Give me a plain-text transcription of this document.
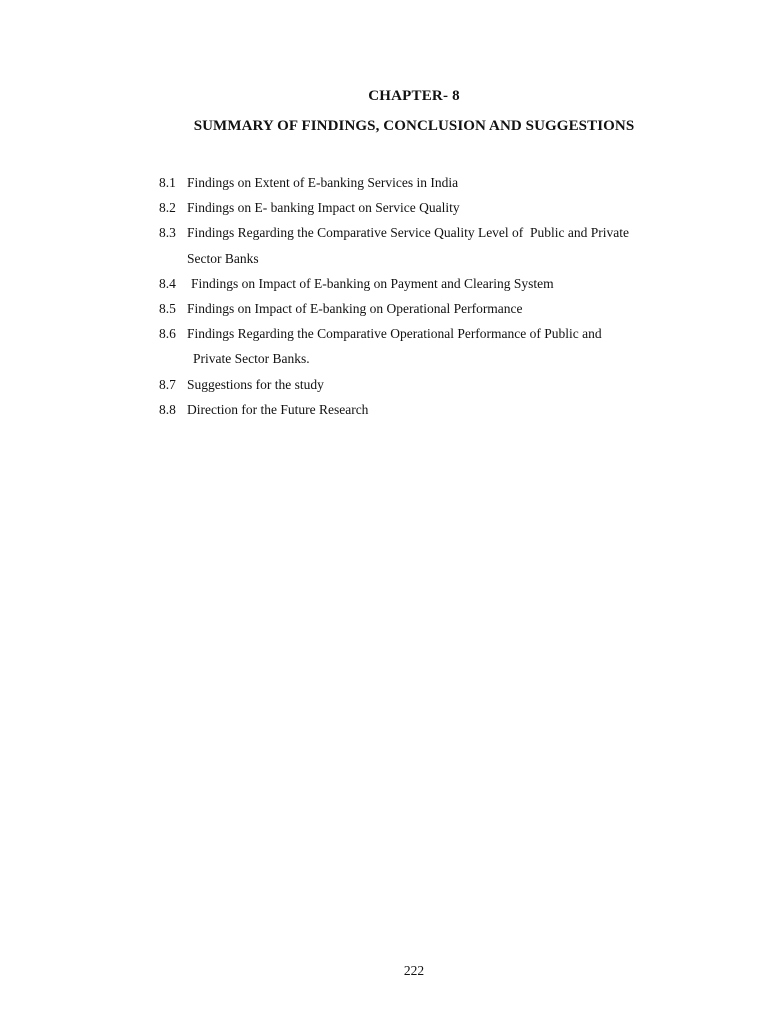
CHAPTER- 8
SUMMARY OF FINDINGS, CONCLUSION AND SUGGESTIONS
8.1 Findings on Extent of E-banking Services in India
8.2 Findings on E- banking Impact on Service Quality
8.3 Findings Regarding the Comparative Service Quality Level of  Public and Private
Sector Banks
8.4	Findings on Impact of E-banking on Payment and Clearing System
8.5 Findings on Impact of E-banking on Operational Performance
8.6 Findings Regarding the Comparative Operational Performance of Public and
Private Sector Banks.
8.7 Suggestions for the study
8.8 Direction for the Future Research
222
